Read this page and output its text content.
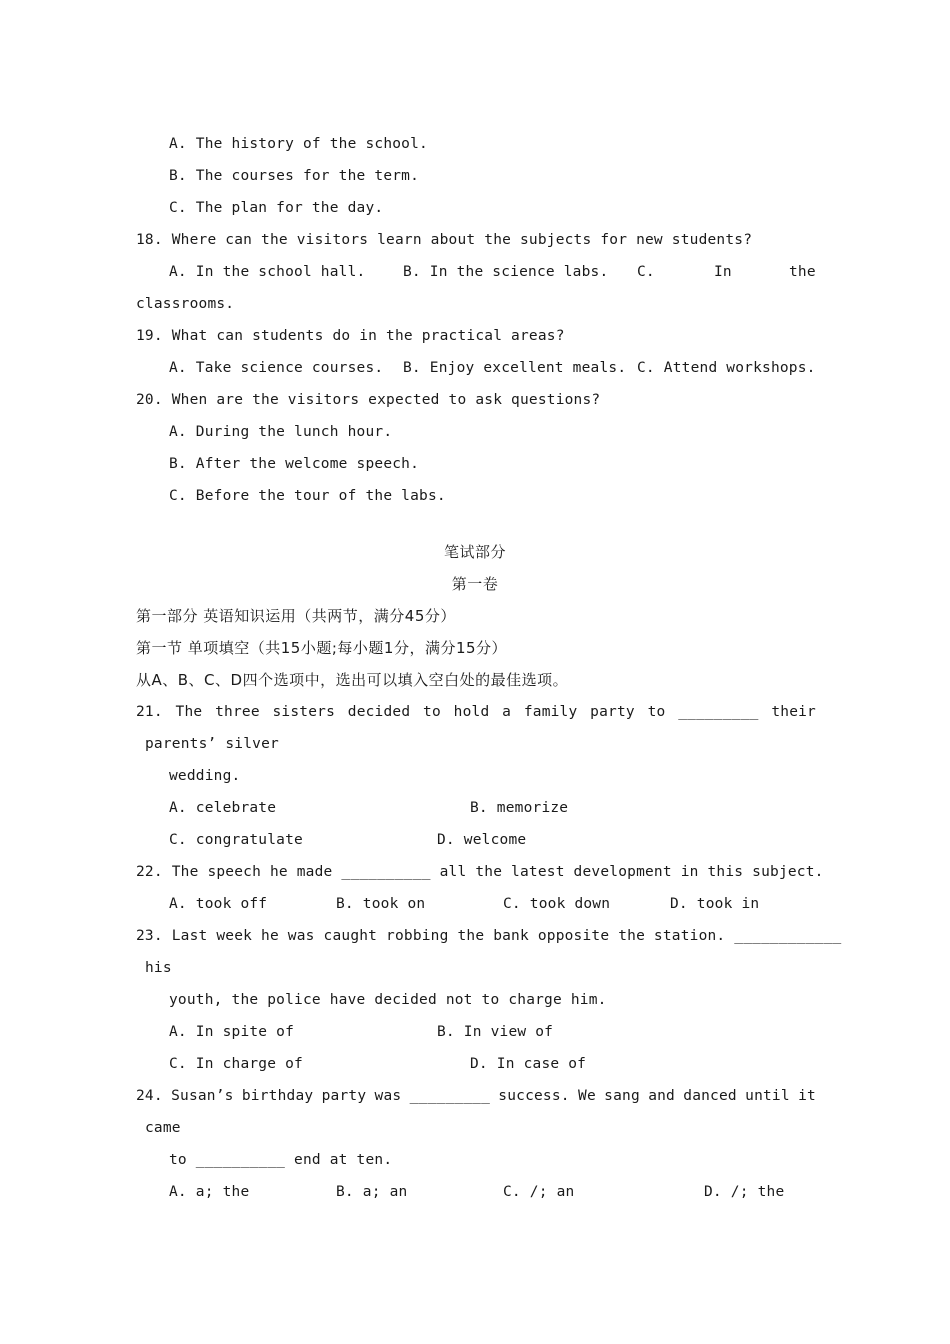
A. The history of the school.
B. The courses for the term.
C. The plan for the day.
18. Where can the visitors learn about the subjects for new students?
A. In the school hall.	B. In the science labs. C.	In	the
classrooms.
19. What can students do in the practical areas?
A. Take science courses. B. Enjoy excellent meals. C. Attend workshops.
20. When are the visitors expected to ask questions?
A. During the lunch hour.
B. After the welcome speech.
C. Before the tour of the labs.
笔试部分
第一卷
第一部分 英语知识运用（共两节，满分45分）
第一节 单项填空（共15小题;每小题1分，满分15分）
从A、B、C、D四个选项中，选出可以填入空白处的最佳选项。
21. The three sisters decided to hold a family party to _________ their
parents’ silver
wedding.
A. celebrate	B. memorize
C. congratulate	D. welcome
22. The speech he made __________ all the latest development in this subject.
A. took off	B. took on	C. took down	D. took in
23. Last week he was caught robbing the bank opposite the station. ____________
his
youth, the police have decided not to charge him.
A. In spite of	B. In view of
C. In charge of	D. In case of
24. Susan’s birthday party was _________ success. We sang and danced until it
came
to __________ end at ten.
A. a; the	B. a; an	C. /; an	D. /; the
